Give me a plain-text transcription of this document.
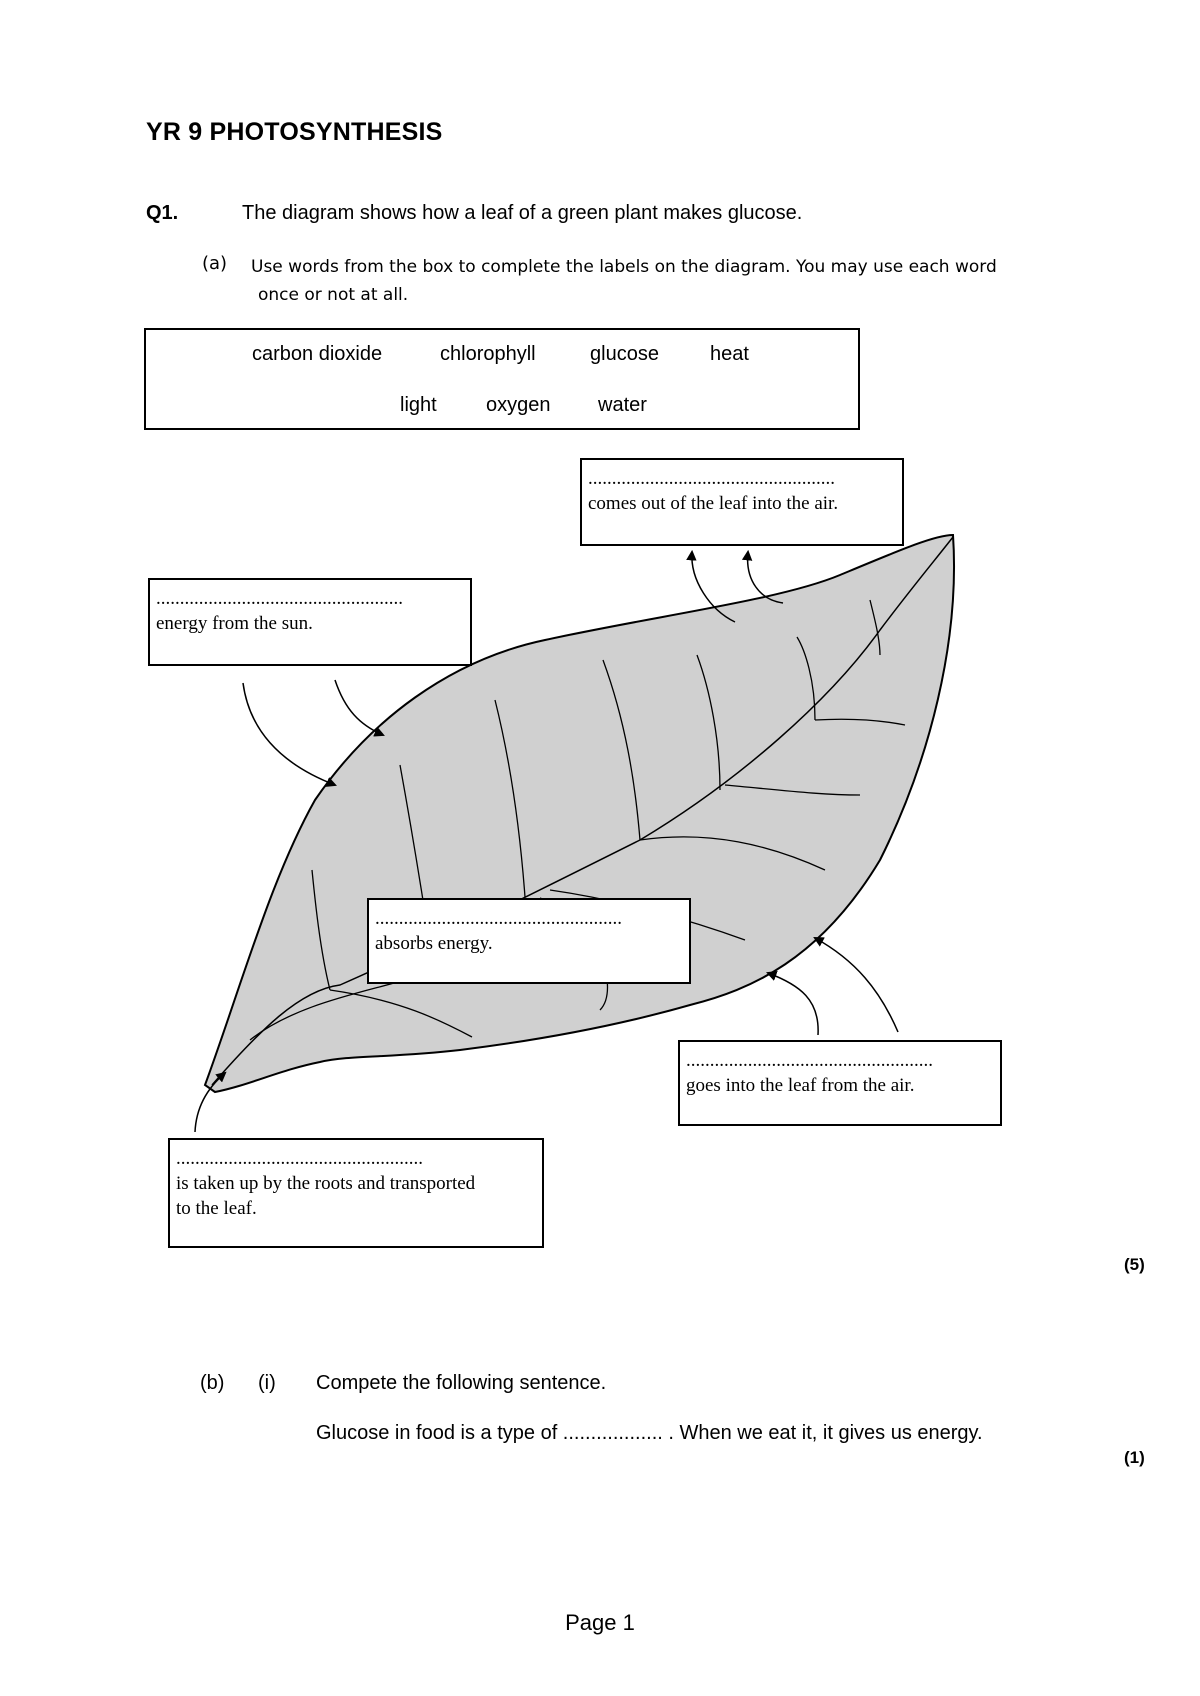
YR 9 PHOTOSYNTHESIS
Q1.	The diagram shows how a leaf of a green plant makes glucose.
(a) Use words from the box to complete the labels on the diagram. You may use each word
once or not at all.
carbon dioxide	chlorophyll	glucose	heat
light oxygen water
....................................................
comes out of the leaf into the air.
....................................................
energy from the sun.
....................................................
absorbs energy.
....................................................
goes into the leaf from the air.
....................................................
is taken up by the roots and transported
to the leaf.
(5)
(b) (i) Compete the following sentence.
Glucose in food is a type of .................. . When we eat it, it gives us energy.
(1)
Page 1
